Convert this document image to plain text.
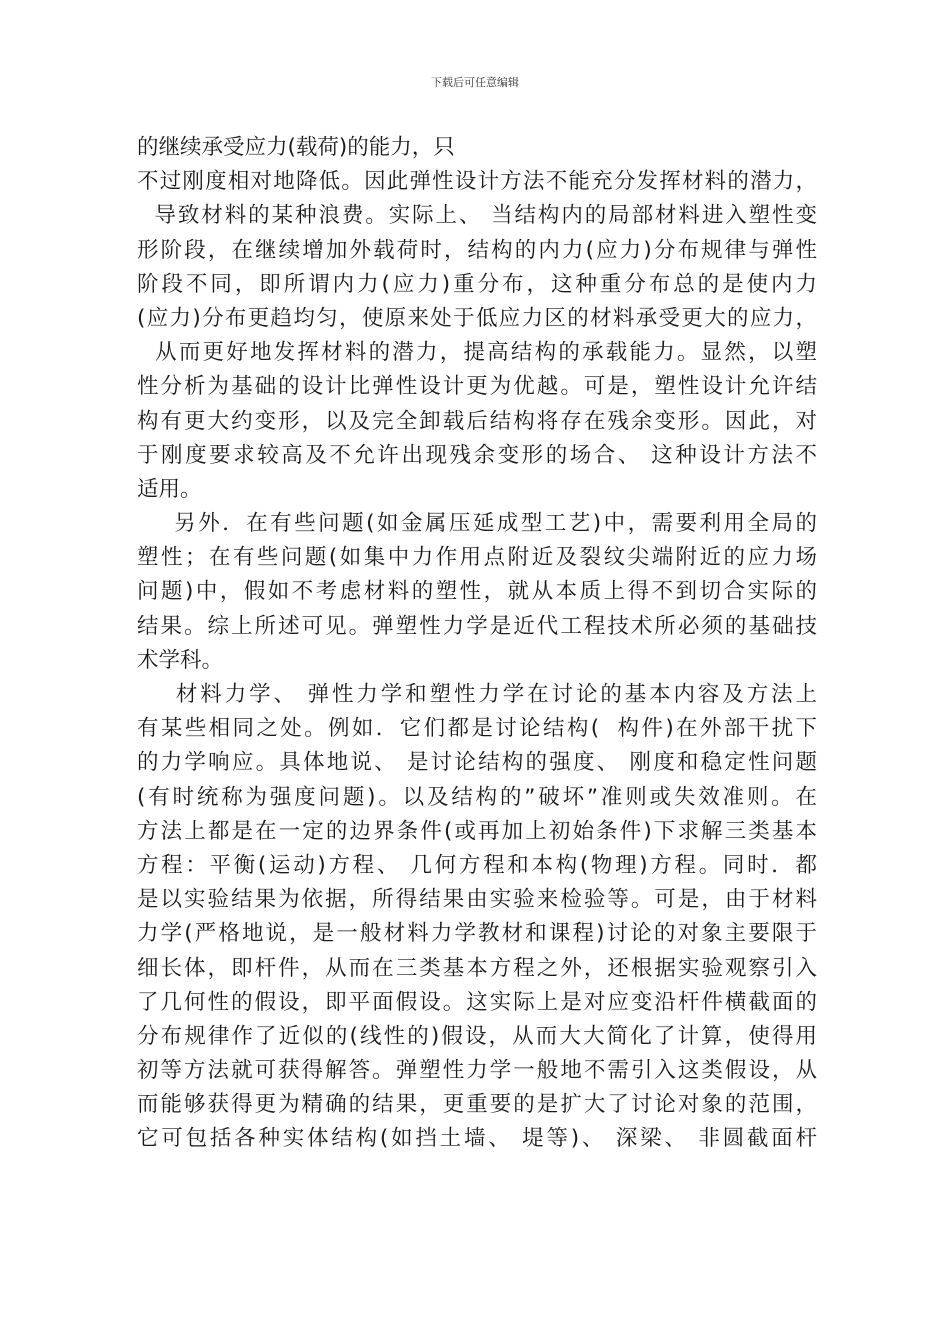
下载后可任意编辑
的继续承受应力(载荷)的能力，只
不过刚度相对地降低。因此弹性设计方法不能充分发挥材料的潜力，
导致材料的某种浪费。实际上、 当结构内的局部材料进入塑性变
形阶段，在继续增加外载荷时，结构的内力(应力)分布规律与弹性
阶段不同，即所谓内力(应力)重分布，这种重分布总的是使内力
(应力)分布更趋均匀，使原来处于低应力区的材料承受更大的应力，
从而更好地发挥材料的潜力，提高结构的承载能力。显然，以塑
性分析为基础的设计比弹性设计更为优越。可是，塑性设计允许结
构有更大约变形，以及完全卸载后结构将存在残余变形。因此，对
于刚度要求较高及不允许出现残余变形的场合、 这种设计方法不
适用。
另外．在有些问题(如金属压延成型工艺)中，需要利用全局的
塑性；在有些问题(如集中力作用点附近及裂纹尖端附近的应力场
问题)中，假如不考虑材料的塑性，就从本质上得不到切合实际的
结果。综上所述可见。弹塑性力学是近代工程技术所必须的基础技
术学科。
材料力学、 弹性力学和塑性力学在讨论的基本内容及方法上
有某些相同之处。例如．它们都是讨论结构(  构件)在外部干扰下
的力学响应。具体地说、 是讨论结构的强度、 刚度和稳定性问题
(有时统称为强度问题)。以及结构的”破坏”准则或失效准则。在
方法上都是在一定的边界条件(或再加上初始条件)下求解三类基本
方程：平衡(运动)方程、 几何方程和本构(物理)方程。同时．都
是以实验结果为依据，所得结果由实验来检验等。可是，由于材料
力学(严格地说，是一般材料力学教材和课程)讨论的对象主要限于
细长体，即杆件，从而在三类基本方程之外，还根据实验观察引入
了几何性的假设，即平面假设。这实际上是对应变沿杆件横截面的
分布规律作了近似的(线性的)假设，从而大大简化了计算，使得用
初等方法就可获得解答。弹塑性力学一般地不需引入这类假设，从
而能够获得更为精确的结果，更重要的是扩大了讨论对象的范围，
它可包括各种实体结构(如挡土墙、 堤等)、 深梁、 非圆截面杆
